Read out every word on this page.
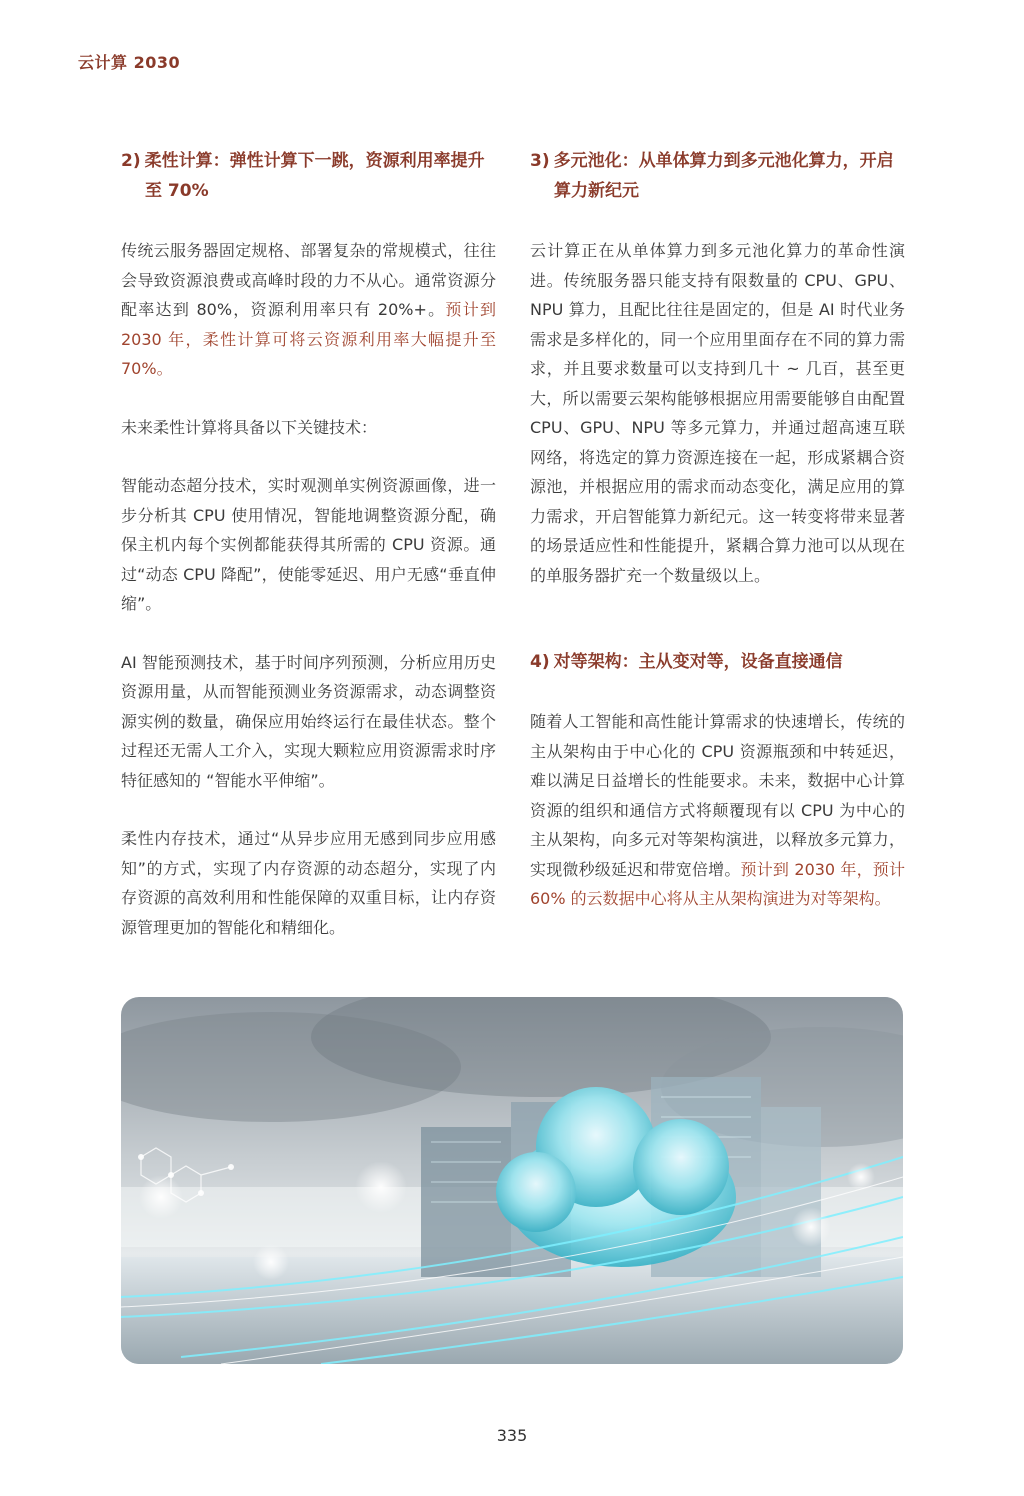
云计算 2030
2) 柔性计算：弹性计算下一跳，资源利用率提升至 70%

传统云服务器固定规格、部署复杂的常规模式，往往会导致资源浪费或高峰时段的力不从心。通常资源分配率达到 80%，资源利用率只有 20%+。预计到 2030 年，柔性计算可将云资源利用率大幅提升至 70%。

未来柔性计算将具备以下关键技术：

智能动态超分技术，实时观测单实例资源画像，进一步分析其 CPU 使用情况，智能地调整资源分配，确保主机内每个实例都能获得其所需的 CPU 资源。通过“动态 CPU 降配”，使能零延迟、用户无感“垂直伸缩”。

AI 智能预测技术，基于时间序列预测，分析应用历史资源用量，从而智能预测业务资源需求，动态调整资源实例的数量，确保应用始终运行在最佳状态。整个过程还无需人工介入，实现大颗粒应用资源需求时序特征感知的 “智能水平伸缩”。

柔性内存技术，通过“从异步应用无感到同步应用感知”的方式，实现了内存资源的动态超分，实现了内存资源的高效利用和性能保障的双重目标，让内存资源管理更加的智能化和精细化。

3) 多元池化：从单体算力到多元池化算力，开启算力新纪元

云计算正在从单体算力到多元池化算力的革命性演进。传统服务器只能支持有限数量的 CPU、GPU、NPU 算力，且配比往往是固定的，但是 AI 时代业务需求是多样化的，同一个应用里面存在不同的算力需求，并且要求数量可以支持到几十 ~ 几百，甚至更大，所以需要云架构能够根据应用需要能够自由配置 CPU、GPU、NPU 等多元算力，并通过超高速互联网络，将选定的算力资源连接在一起，形成紧耦合资源池，并根据应用的需求而动态变化，满足应用的算力需求，开启智能算力新纪元。这一转变将带来显著的场景适应性和性能提升，紧耦合算力池可以从现在的单服务器扩充一个数量级以上。

4) 对等架构：主从变对等，设备直接通信

随着人工智能和高性能计算需求的快速增长，传统的主从架构由于中心化的 CPU 资源瓶颈和中转延迟，难以满足日益增长的性能要求。未来，数据中心计算资源的组织和通信方式将颠覆现有以 CPU 为中心的主从架构，向多元对等架构演进，以释放多元算力，实现微秒级延迟和带宽倍增。预计到 2030 年，预计 60% 的云数据中心将从主从架构演进为对等架构。

335
